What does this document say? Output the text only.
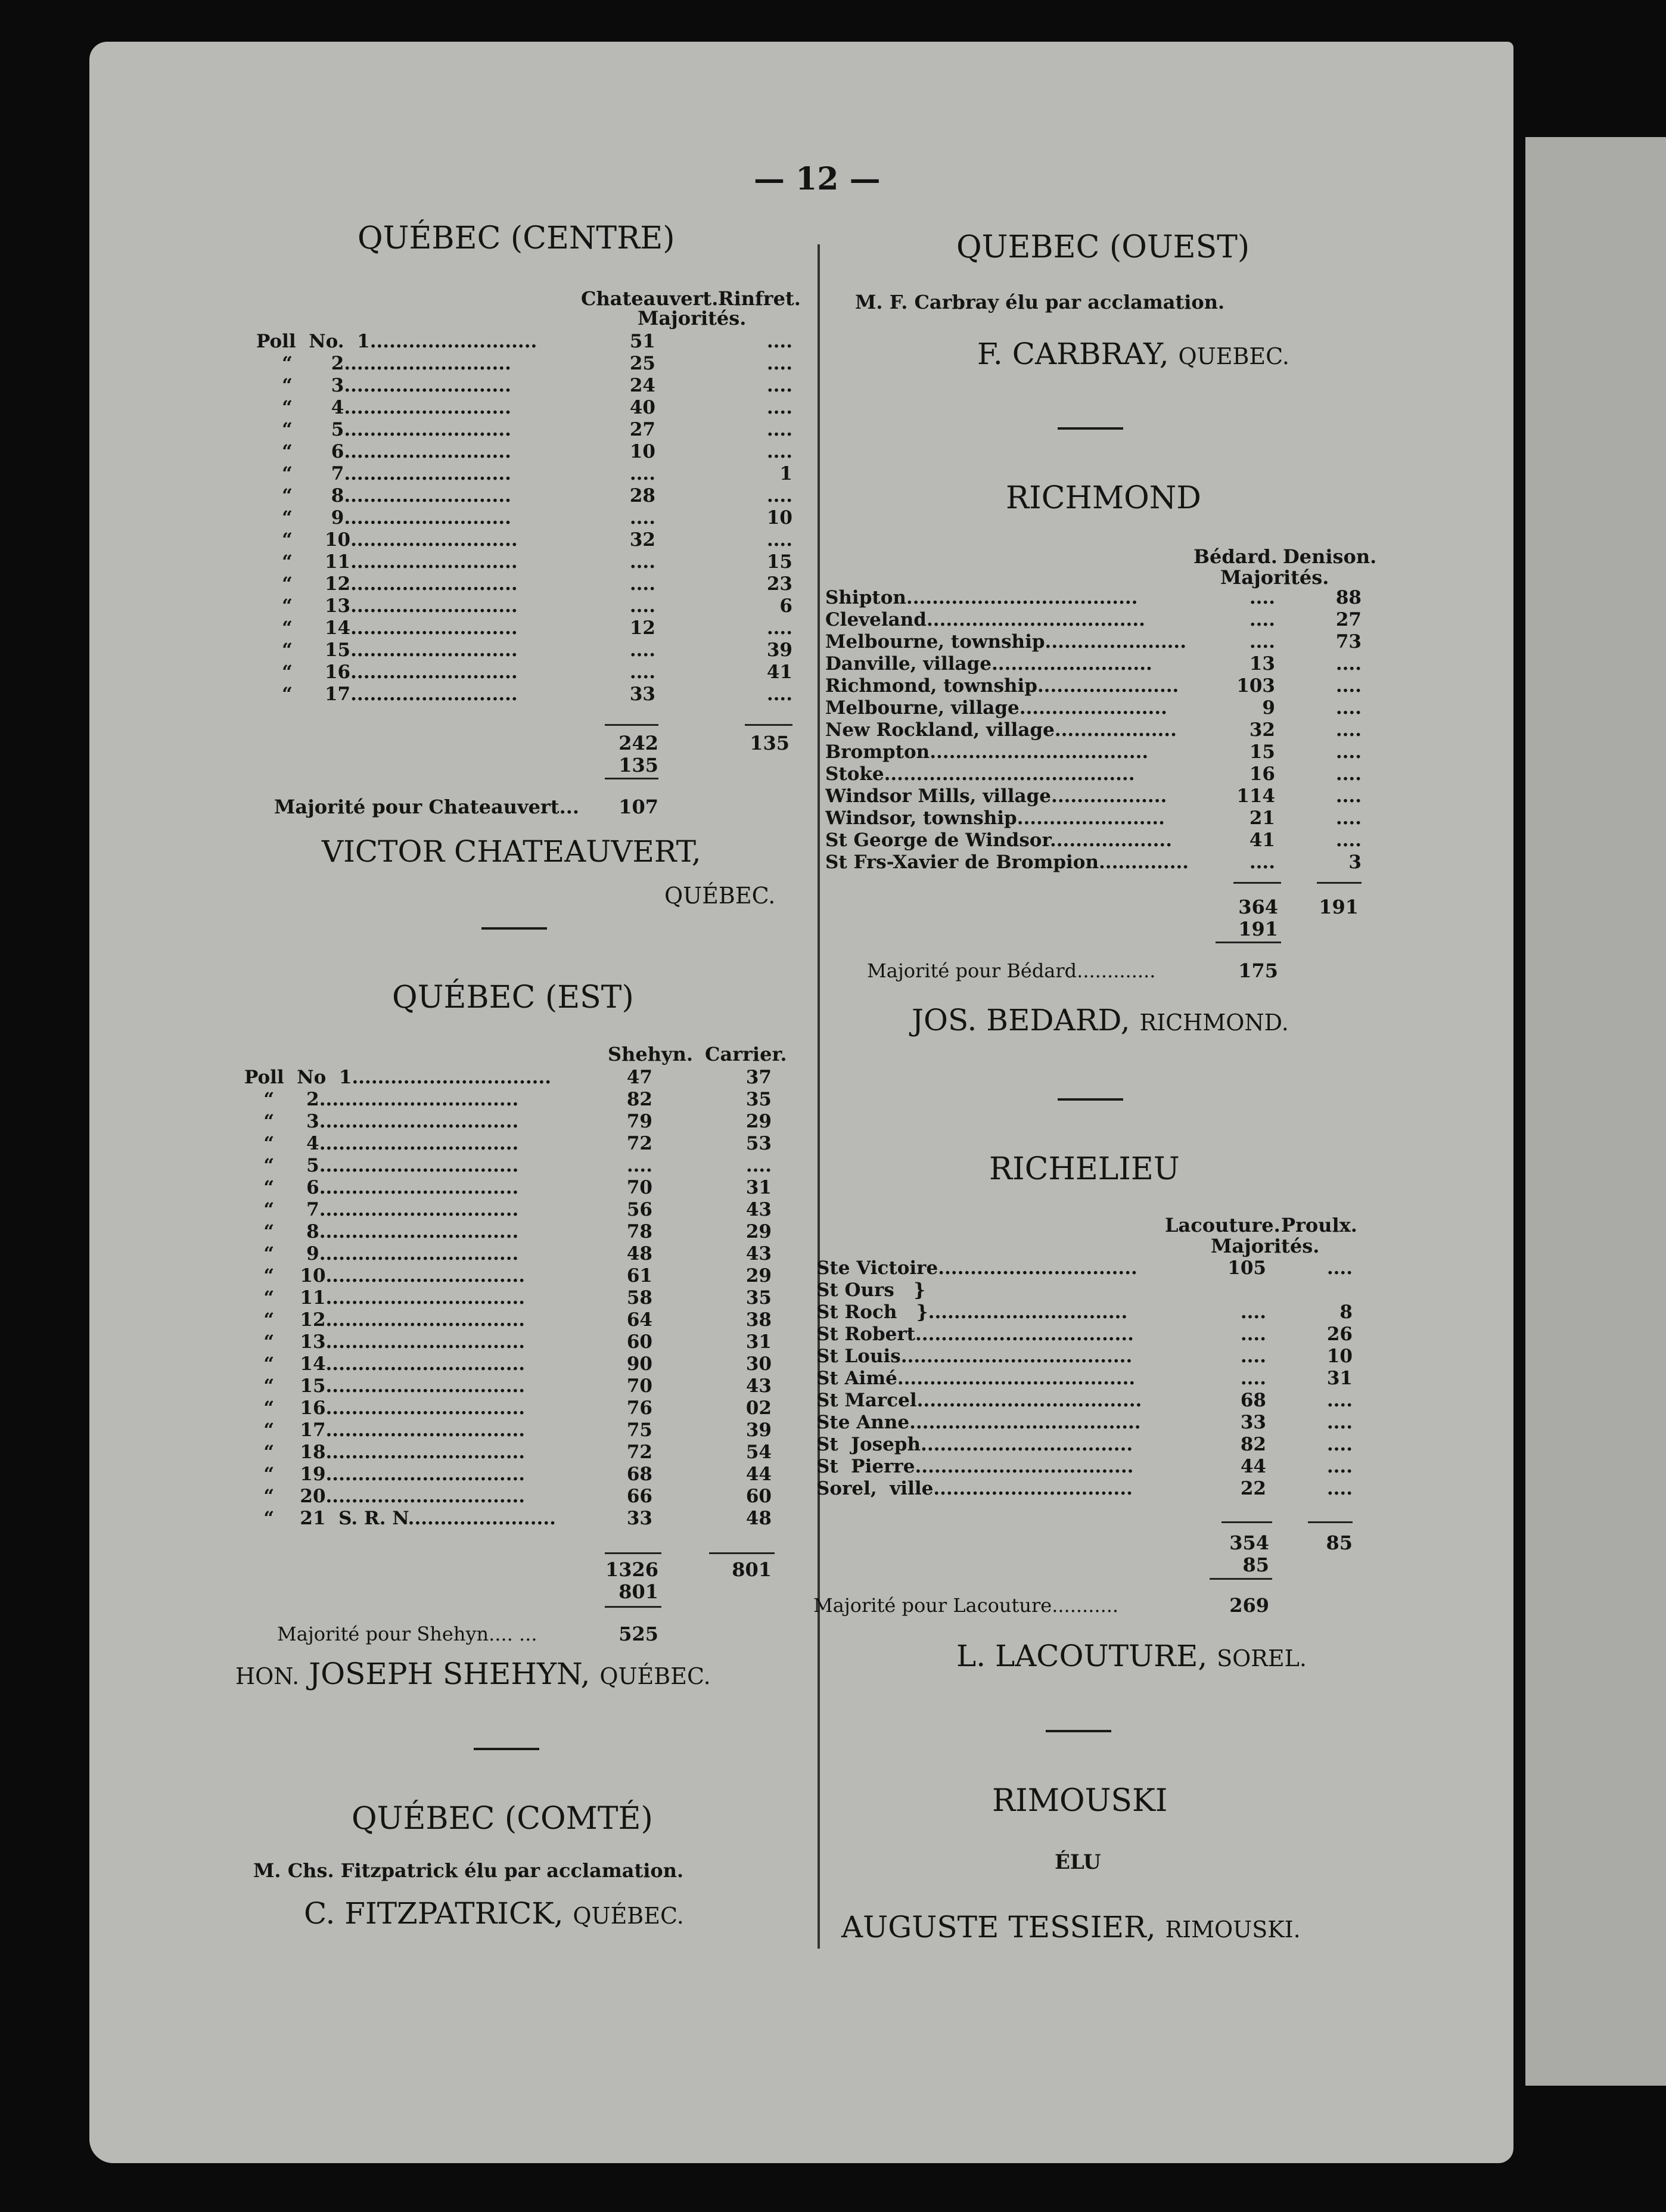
— 12 —
QUÉBEC (CENTRE)
Chateauvert. Rinfret.
Majorités.
Poll  No.  1..........................	51	....
“      2..........................	25	....
“      3..........................	24	....
“      4..........................	40	....
“      5..........................	27	....
“      6..........................	10	....
“      7..........................	....	1
“      8..........................	28	....
“      9..........................	....	10
“     10..........................	32	....
“     11..........................	....	15
“     12..........................	....	23
“     13..........................	....	6
“     14..........................	12	....
“     15..........................	....	39
“     16..........................	....	41
“     17..........................	33	....
242	135
135
Majorité pour Chateauvert...	107
VICTOR CHATEAUVERT,
QUÉBEC.
QUÉBEC (EST)
Shehyn. Carrier.
Poll  No  1...............................	47	37
“     2...............................	82	35
“     3...............................	79	29
“     4...............................	72	53
“     5...............................	....	....
“     6...............................	70	31
“     7...............................	56	43
“     8...............................	78	29
“     9...............................	48	43
“    10...............................	61	29
“    11...............................	58	35
“    12...............................	64	38
“    13...............................	60	31
“    14...............................	90	30
“    15...............................	70	43
“    16...............................	76	02
“    17...............................	75	39
“    18...............................	72	54
“    19...............................	68	44
“    20...............................	66	60
“    21  S. R. N.......................	33	48
1326	801
801
Majorité pour Shehyn.... ...	525
HON. JOSEPH SHEHYN, QUÉBEC.
QUÉBEC (COMTÉ)
M. Chs. Fitzpatrick élu par acclamation.
C. FITZPATRICK, QUÉBEC.
QUEBEC (OUEST)
M. F. Carbray élu par acclamation.
F. CARBRAY, QUEBEC.
RICHMOND
Bédard. Denison.
Majorités.
Shipton....................................	....	88
Cleveland..................................	....	27
Melbourne, township......................	....	73
Danville, village.........................	13	....
Richmond, township......................	103	....
Melbourne, village.......................	9	....
New Rockland, village...................	32	....
Brompton..................................	15	....
Stoke.......................................	16	....
Windsor Mills, village..................	114	....
Windsor, township.......................	21	....
St George de Windsor...................	41	....
St Frs-Xavier de Brompion..............	....	3
364	191
191
Majorité pour Bédard.............	175
JOS. BEDARD, RICHMOND.
RICHELIEU
Lacouture. Proulx.
Majorités.
Ste Victoire...............................	105	....
St Ours   }
St Roch   }...............................	....	8
St Robert..................................	....	26
St Louis....................................	....	10
St Aimé.....................................	....	31
St Marcel...................................	68	....
Ste Anne....................................	33	....
St  Joseph.................................	82	....
St  Pierre..................................	44	....
Sorel,  ville...............................	22	....
354	85
85
Majorité pour Lacouture...........	269
L. LACOUTURE, SOREL.
RIMOUSKI
ÉLU
AUGUSTE TESSIER, RIMOUSKI.
